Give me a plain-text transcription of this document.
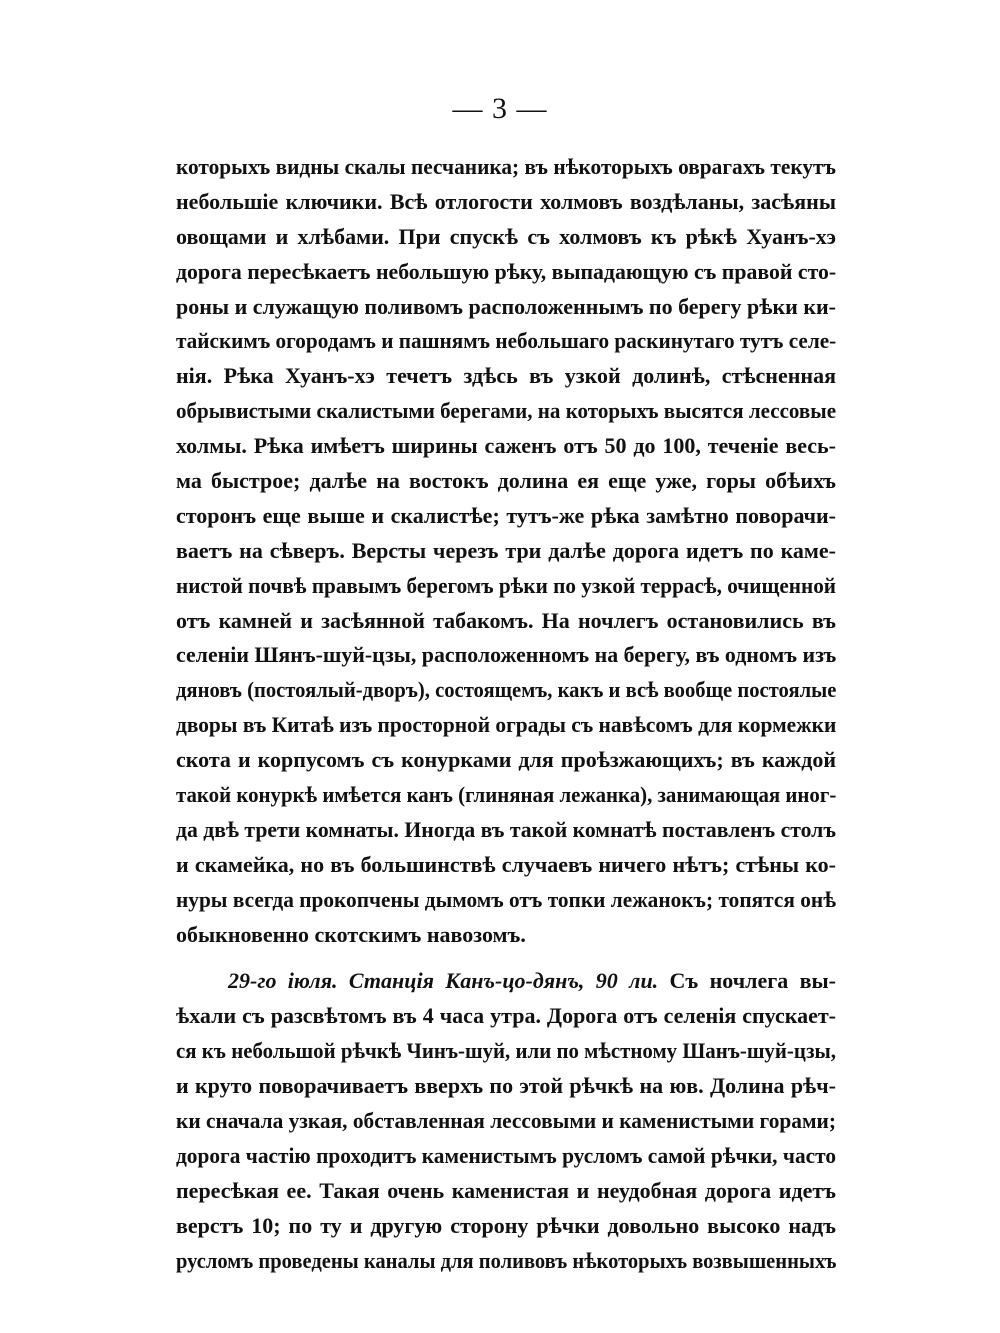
— 3 —
которыхъ видны скалы песчаника; въ нѣкоторыхъ оврагахъ текутъ
небольшіе ключики. Всѣ отлогости холмовъ воздѣланы, засѣяны
овощами и хлѣбами. При спускѣ съ холмовъ къ рѣкѣ Хуанъ-хэ
дорога пересѣкаетъ небольшую рѣку, выпадающую съ правой сто-
роны и служащую поливомъ расположеннымъ по берегу рѣки ки-
тайскимъ огородамъ и пашнямъ небольшаго раскинутаго тутъ селе-
нія. Рѣка Хуанъ-хэ течетъ здѣсь въ узкой долинѣ, стѣсненная
обрывистыми скалистыми берегами, на которыхъ высятся лессовые
холмы. Рѣка имѣетъ ширины саженъ отъ 50 до 100, теченіе весь-
ма быстрое; далѣе на востокъ долина ея еще уже, горы обѣихъ
сторонъ еще выше и скалистѣе; тутъ-же рѣка замѣтно поворачи-
ваетъ на сѣверъ. Версты черезъ три далѣе дорога идетъ по каме-
нистой почвѣ правымъ берегомъ рѣки по узкой террасѣ, очищенной
отъ камней и засѣянной табакомъ. На ночлегъ остановились въ
селеніи Шянъ-шуй-цзы, расположенномъ на берегу, въ одномъ изъ
дяновъ (постоялый-дворъ), состоящемъ, какъ и всѣ вообще постоялые
дворы въ Китаѣ изъ просторной ограды съ навѣсомъ для кормежки
скота и корпусомъ съ конурками для проѣзжающихъ; въ каждой
такой конуркѣ имѣется канъ (глиняная лежанка), занимающая иног-
да двѣ трети комнаты. Иногда въ такой комнатѣ поставленъ столъ
и скамейка, но въ большинствѣ случаевъ ничего нѣтъ; стѣны ко-
нуры всегда прокопчены дымомъ отъ топки лежанокъ; топятся онѣ
обыкновенно скотскимъ навозомъ.
29-го іюля. Станція Канъ-цо-дянъ, 90 ли. Съ ночлега вы-
ѣхали съ разсвѣтомъ въ 4 часа утра. Дорога отъ селенія спускает-
ся къ небольшой рѣчкѣ Чинъ-шуй, или по мѣстному Шанъ-шуй-цзы,
и круто поворачиваетъ вверхъ по этой рѣчкѣ на юв. Долина рѣч-
ки сначала узкая, обставленная лессовыми и каменистыми горами;
дорога частію проходитъ каменистымъ русломъ самой рѣчки, часто
пересѣкая ее. Такая очень каменистая и неудобная дорога идетъ
верстъ 10; по ту и другую сторону рѣчки довольно высоко надъ
русломъ проведены каналы для поливовъ нѣкоторыхъ возвышенныхъ
